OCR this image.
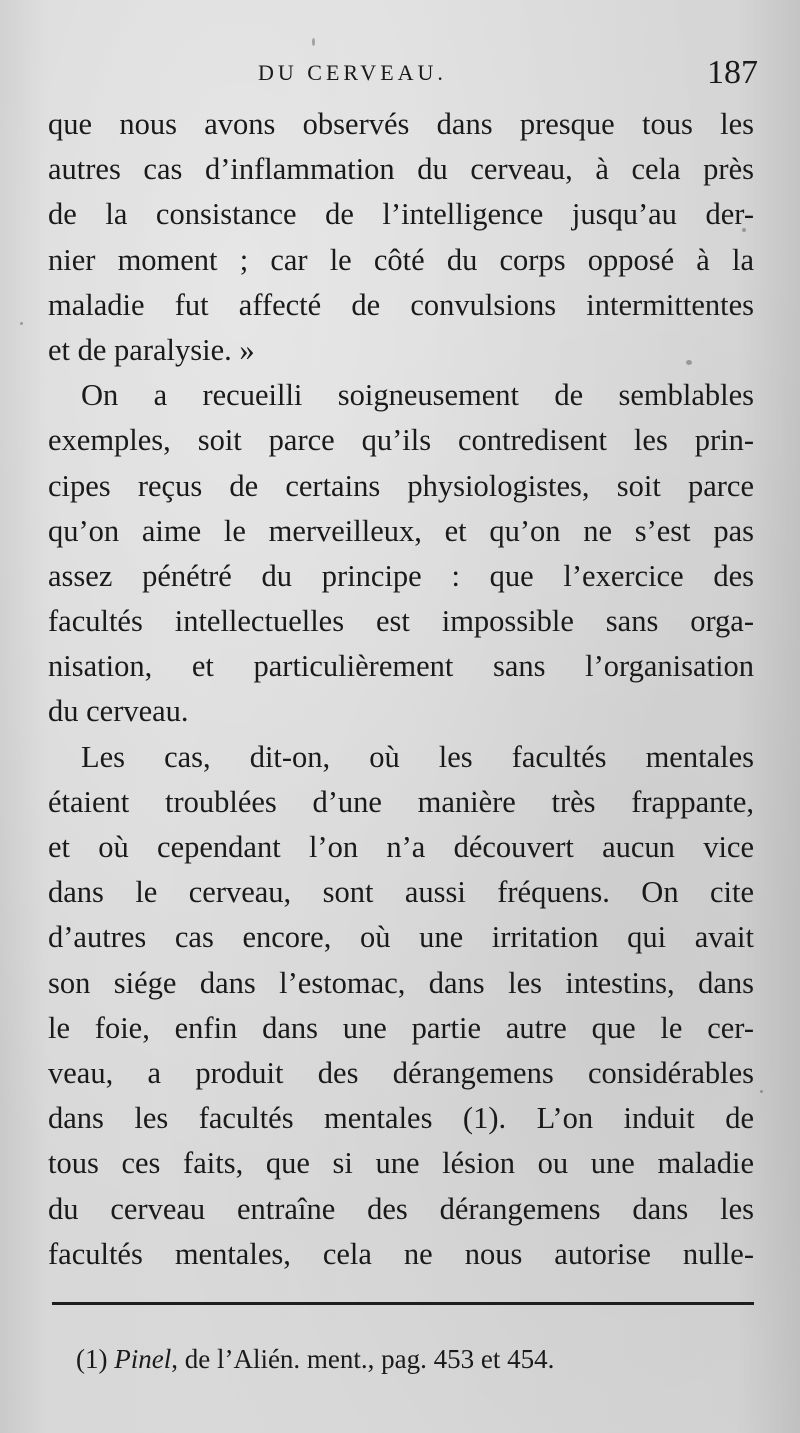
DU CERVEAU.	187
que nous avons observés dans presque tous les
autres cas d’inflammation du cerveau, à cela près
de la consistance de l’intelligence jusqu’au der-
nier moment ; car le côté du corps opposé à la
maladie fut affecté de convulsions intermittentes
et de paralysie. »
On a recueilli soigneusement de semblables
exemples, soit parce qu’ils contredisent les prin-
cipes reçus de certains physiologistes, soit parce
qu’on aime le merveilleux, et qu’on ne s’est pas
assez pénétré du principe : que l’exercice des
facultés intellectuelles est impossible sans orga-
nisation, et particulièrement sans l’organisation
du cerveau.
Les cas, dit-on, où les facultés mentales
étaient troublées d’une manière très frappante,
et où cependant l’on n’a découvert aucun vice
dans le cerveau, sont aussi fréquens. On cite
d’autres cas encore, où une irritation qui avait
son siége dans l’estomac, dans les intestins, dans
le foie, enfin dans une partie autre que le cer-
veau, a produit des dérangemens considérables
dans les facultés mentales (1). L’on induit de
tous ces faits, que si une lésion ou une maladie
du cerveau entraîne des dérangemens dans les
facultés mentales, cela ne nous autorise nulle-
(1) Pinel, de l’Alién. ment., pag. 453 et 454.
